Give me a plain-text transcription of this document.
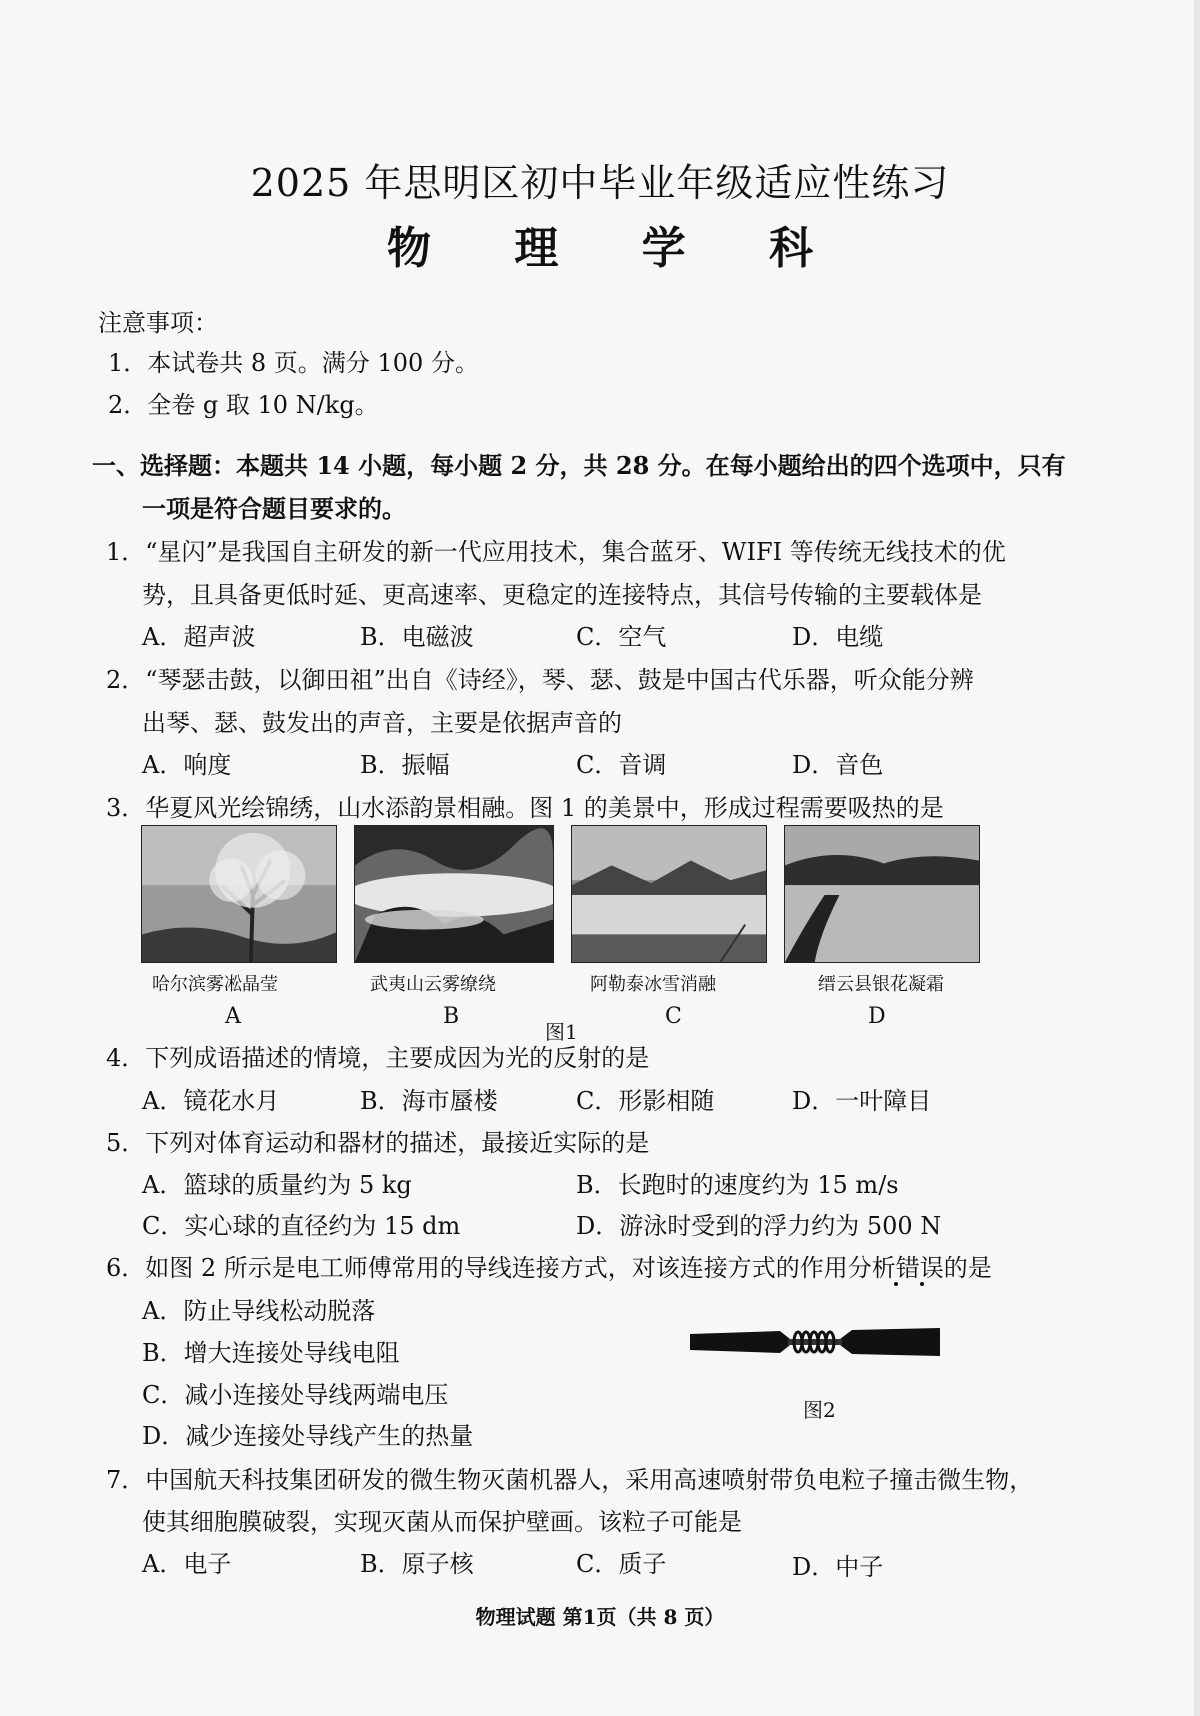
2025 年思明区初中毕业年级适应性练习
物 理 学 科
注意事项：
1．本试卷共 8 页。满分 100 分。
2．全卷 g 取 10 N/kg。
一、选择题：本题共 14 小题，每小题 2 分，共 28 分。在每小题给出的四个选项中，只有
一项是符合题目要求的。
1．“星闪”是我国自主研发的新一代应用技术，集合蓝牙、WIFI 等传统无线技术的优
势，且具备更低时延、更高速率、更稳定的连接特点，其信号传输的主要载体是
A．超声波	B．电磁波	C．空气	D．电缆
2．“琴瑟击鼓，以御田祖”出自《诗经》，琴、瑟、鼓是中国古代乐器，听众能分辨
出琴、瑟、鼓发出的声音，主要是依据声音的
A．响度	B．振幅	C．音调	D．音色
3．华夏风光绘锦绣，山水添韵景相融。图 1 的美景中，形成过程需要吸热的是
哈尔滨雾凇晶莹	武夷山云雾缭绕	阿勒泰冰雪消融	缙云县银花凝霜
A	B
图1
C	D
4．下列成语描述的情境，主要成因为光的反射的是
A．镜花水月	B．海市蜃楼	C．形影相随	D．一叶障目
5．下列对体育运动和器材的描述，最接近实际的是
A．篮球的质量约为 5 kg	B．长跑时的速度约为 15 m/s
C．实心球的直径约为 15 dm	D．游泳时受到的浮力约为 500 N
6．如图 2 所示是电工师傅常用的导线连接方式，对该连接方式的作用分析错误的是
A．防止导线松动脱落
B．增大连接处导线电阻
C．减小连接处导线两端电压
D．减少连接处导线产生的热量
图2
7．中国航天科技集团研发的微生物灭菌机器人，采用高速喷射带负电粒子撞击微生物，
使其细胞膜破裂，实现灭菌从而保护壁画。该粒子可能是
A．电子	B．原子核	C．质子	D．中子
物理试题 第1页（共 8 页）
